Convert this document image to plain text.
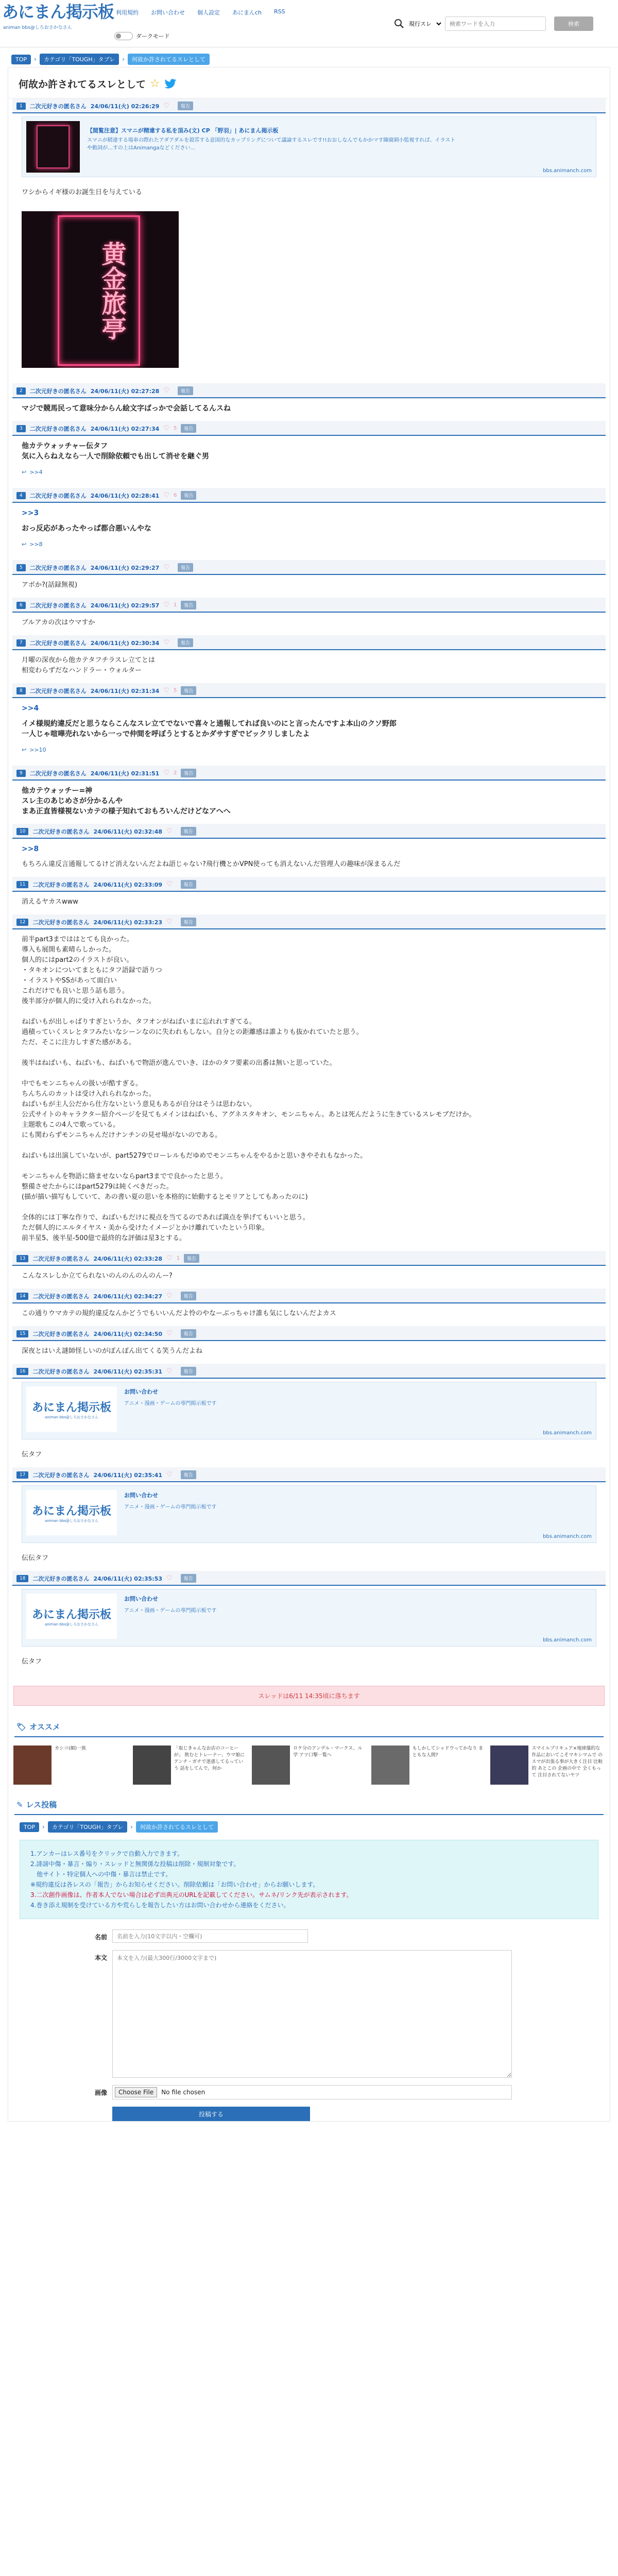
あにまん掲示板
animan bbs@しろおさかなさん
利用規約 お問い合わせ 個人設定 あにまんch RSS
ダークモード
現行スレ
検索ワードを入力
検索
TOP	›	カテゴリ「TOUGH」タブレ	›	何故か許されてるスレとして
何故か許されてるスレとして ☆
1	二次元好きの匿名さん 24/06/11(火) 02:26:29 ♡	報告
【閲覧注意】スマニが精違する私を頂み(文) CP 「野羽」| あにまん掲示板
スマニが精違する場車の際れたアダアダルを殺雰する意図的なカップリングについて議論するスレです!!おおしなんでもかかマす陳腐刺小監視すれば、イラストや動詞が…すの上はAnimangaなどください...
bbs.animanch.com
ワシからイギ様のお誕生日を与えている
黄金旅亭
2	二次元好きの匿名さん 24/06/11(火) 02:27:28 ♡	報告
マジで競馬民って意味分からん絵文字ばっかで会話してるんスね
3	二次元好きの匿名さん 24/06/11(火) 02:27:34 ♡ 5	報告
他カテウォッチャー伝タフ
気に入らねえなら一人で削除依頼でも出して消せを継ぐ男
↩ >>4
4	二次元好きの匿名さん 24/06/11(火) 02:28:41 ♡ 6	報告
>>3
おっ反応があったやっぱ都合悪いんやな
↩ >>8
5	二次元好きの匿名さん 24/06/11(火) 02:29:27 ♡	報告
アポか?(話録無視)
6	二次元好きの匿名さん 24/06/11(火) 02:29:57 ♡ 1	報告
ブルアカの次はウマすか
7	二次元好きの匿名さん 24/06/11(火) 02:30:34 ♡	報告
月曜の深夜から他カテタフチラスレ立てとは
相変わらずだなハンドラー・ウォルター
8	二次元好きの匿名さん 24/06/11(火) 02:31:34 ♡ 5	報告
>>4
イメ様規約違反だと思うならこんなスレ立てでないで喜々と通報してれば良いのにと言ったんですよ本山のクソ野郎
一人じゃ喧嘩売れないから一っで仲間を呼ぼうとするとかダサすぎでビックリしましたよ
↩ >>10
9	二次元好きの匿名さん 24/06/11(火) 02:31:51 ♡ 2	報告
他カテウォッチー=神
スレ主のあじめさが分かるんや
まあ正直皆様視ないカテの様子知れておもろいんだけどなアへへ
10	二次元好きの匿名さん 24/06/11(火) 02:32:48 ♡	報告
>>8
もちろん違反言通報してるけど消えないんだよね語じゃない?飛行機とかVPN使っても消えないんだ管理人の趣味が深まるんだ
11	二次元好きの匿名さん 24/06/11(火) 02:33:09 ♡	報告
消えるヤカスwww
12	二次元好きの匿名さん 24/06/11(火) 02:33:23 ♡	報告
前半part3までははとても良かった。
導入も展開も素晴らしかった。
個人的にはpart2のイラストが良い。
・タキオンについてまともにタフ語録で語りつ
・イラストやSSがあって面白い
これだけでも良いと思う話も思う。
後半部分が個人的に受け入れられなかった。

ねばいもが出しゃばりすぎというか、タフオンがねばいまに忘れれすぎてる。
過積っていくスレとタフみたいなシーンなのに失われもしない。自分との距離感は誰よりも抜かれていたと思う。
ただ、そこに注力しすぎた感がある。

後半はねばいも、ねばいも、ねばいもで物語が進んでいき、ほかのタフ要素の出番は無いと思っていた。

中でもモンニちゃんの扱いが酷すぎる。
ちんちんのカットは受け入れられなかった。
ねばいもが主人公だから仕方ないという意見もあるが自分はそうは思わない。
公式サイトのキャラクター紹介ページを見てもメインはねばいも、アグネスタキオン、モンニちゃん。あとは死んだように生きているスレモブだけか。
主題歌もこの4人で歌っている。
にも関わらずモンニちゃんだけナンチンの見せ場がないのである。

ねばいもは出演していないが、part5279でローレルもだゆめでモンニちゃんをやるかと思いきやそれもなかった。

モンニちゃんを物語に絡ませないならpart3までで良かったと思う。
整備させたからにはpart5279は純くべきだった。
(描が描い描写もしていて、あの書い夏の思いを本格的に始動するとモリアとしてもあったのに)

全体的には丁寧な作りで、ねばいもだけに視点を当てるのであれば満点を挙げてもいいと思う。
ただ個人的にエルタイヤス・美から受けたイメージとかけ離れていたという印象。
前半星5、後半星-500億で最終的な評価は星3とする。
13	二次元好きの匿名さん 24/06/11(火) 02:33:28 ♡ 1	報告
こんなスレしか立てられないのんのんのんのんー?
14	二次元好きの匿名さん 24/06/11(火) 02:34:27 ♡	報告
この通りウマカテの規約違反なんかどうでもいいんだよ怜のやなーぶっちゃけ誰も気にしないんだよカス
15	二次元好きの匿名さん 24/06/11(火) 02:34:50 ♡	報告
深夜とはいえ謎師怪しいのがぽんぽん出てくる笑うんだよね
16	二次元好きの匿名さん 24/06/11(火) 02:35:31 ♡	報告
あにまん掲示板
animan bbs@しろおさかなさん
お問い合わせ
アニメ・漫画・ゲームの専門掲示板です
bbs.animanch.com
伝タフ
17	二次元好きの匿名さん 24/06/11(火) 02:35:41 ♡	報告
あにまん掲示板
animan bbs@しろおさかなさん
お問い合わせ
アニメ・漫画・ゲームの専門掲示板です
bbs.animanch.com
伝伝タフ
18	二次元好きの匿名さん 24/06/11(火) 02:35:53 ♡	報告
あにまん掲示板
animan bbs@しろおさかなさん
お問い合わせ
アニメ・漫画・ゲームの専門掲示板です
bbs.animanch.com
伝タフ
スレッドは6/11 14:35頃に落ちます
🏷 オススメ
カシコ(顔)一族	「取じきゃんなお店のコーヒーが」 飲むとトレーナー、ウマ娘にアンチ・ガチで迷惑してるっていう 話をしてんで。何か
ロケ分のアンデル・マークス、ル学 アツ口撃一覧へ
もしかしてシャドウってかなり まともな人間?
スマイルプリキュア×地球儀的な 作品においてこそマキシマムで のスマが出張る事が大きく注目 比較的 あとこの 企画の中で 全くもって 注目されてないヤツ
✎ レス投稿
TOP	›	カテゴリ「TOUGH」タブレ	›	何故か許されてるスレとして
1.アンカーはレス番号をクリックで自動入力できます。
2.誹謗中傷・暴言・煽り・スレッドと無関係な投稿は削除・規制対象です。
　他サイト・特定個人への中傷・暴言は禁止です。
※規約違反は各レスの「報告」からお知らせください。削除依頼は「お問い合わせ」からお願いします。
3.二次創作画像は、作者本人でない場合は必ず出典元のURLを記載してください。サムネ/リンク先が表示されます。
4.巻き添え規制を受けている方や荒らしを報告したい方はお問い合わせから連絡をください。
名前
名前を入力(10文字以内・空欄可)
本文
本文を入力(最大300行/3000文字まで)
画像	Choose File	No file chosen
投稿する
